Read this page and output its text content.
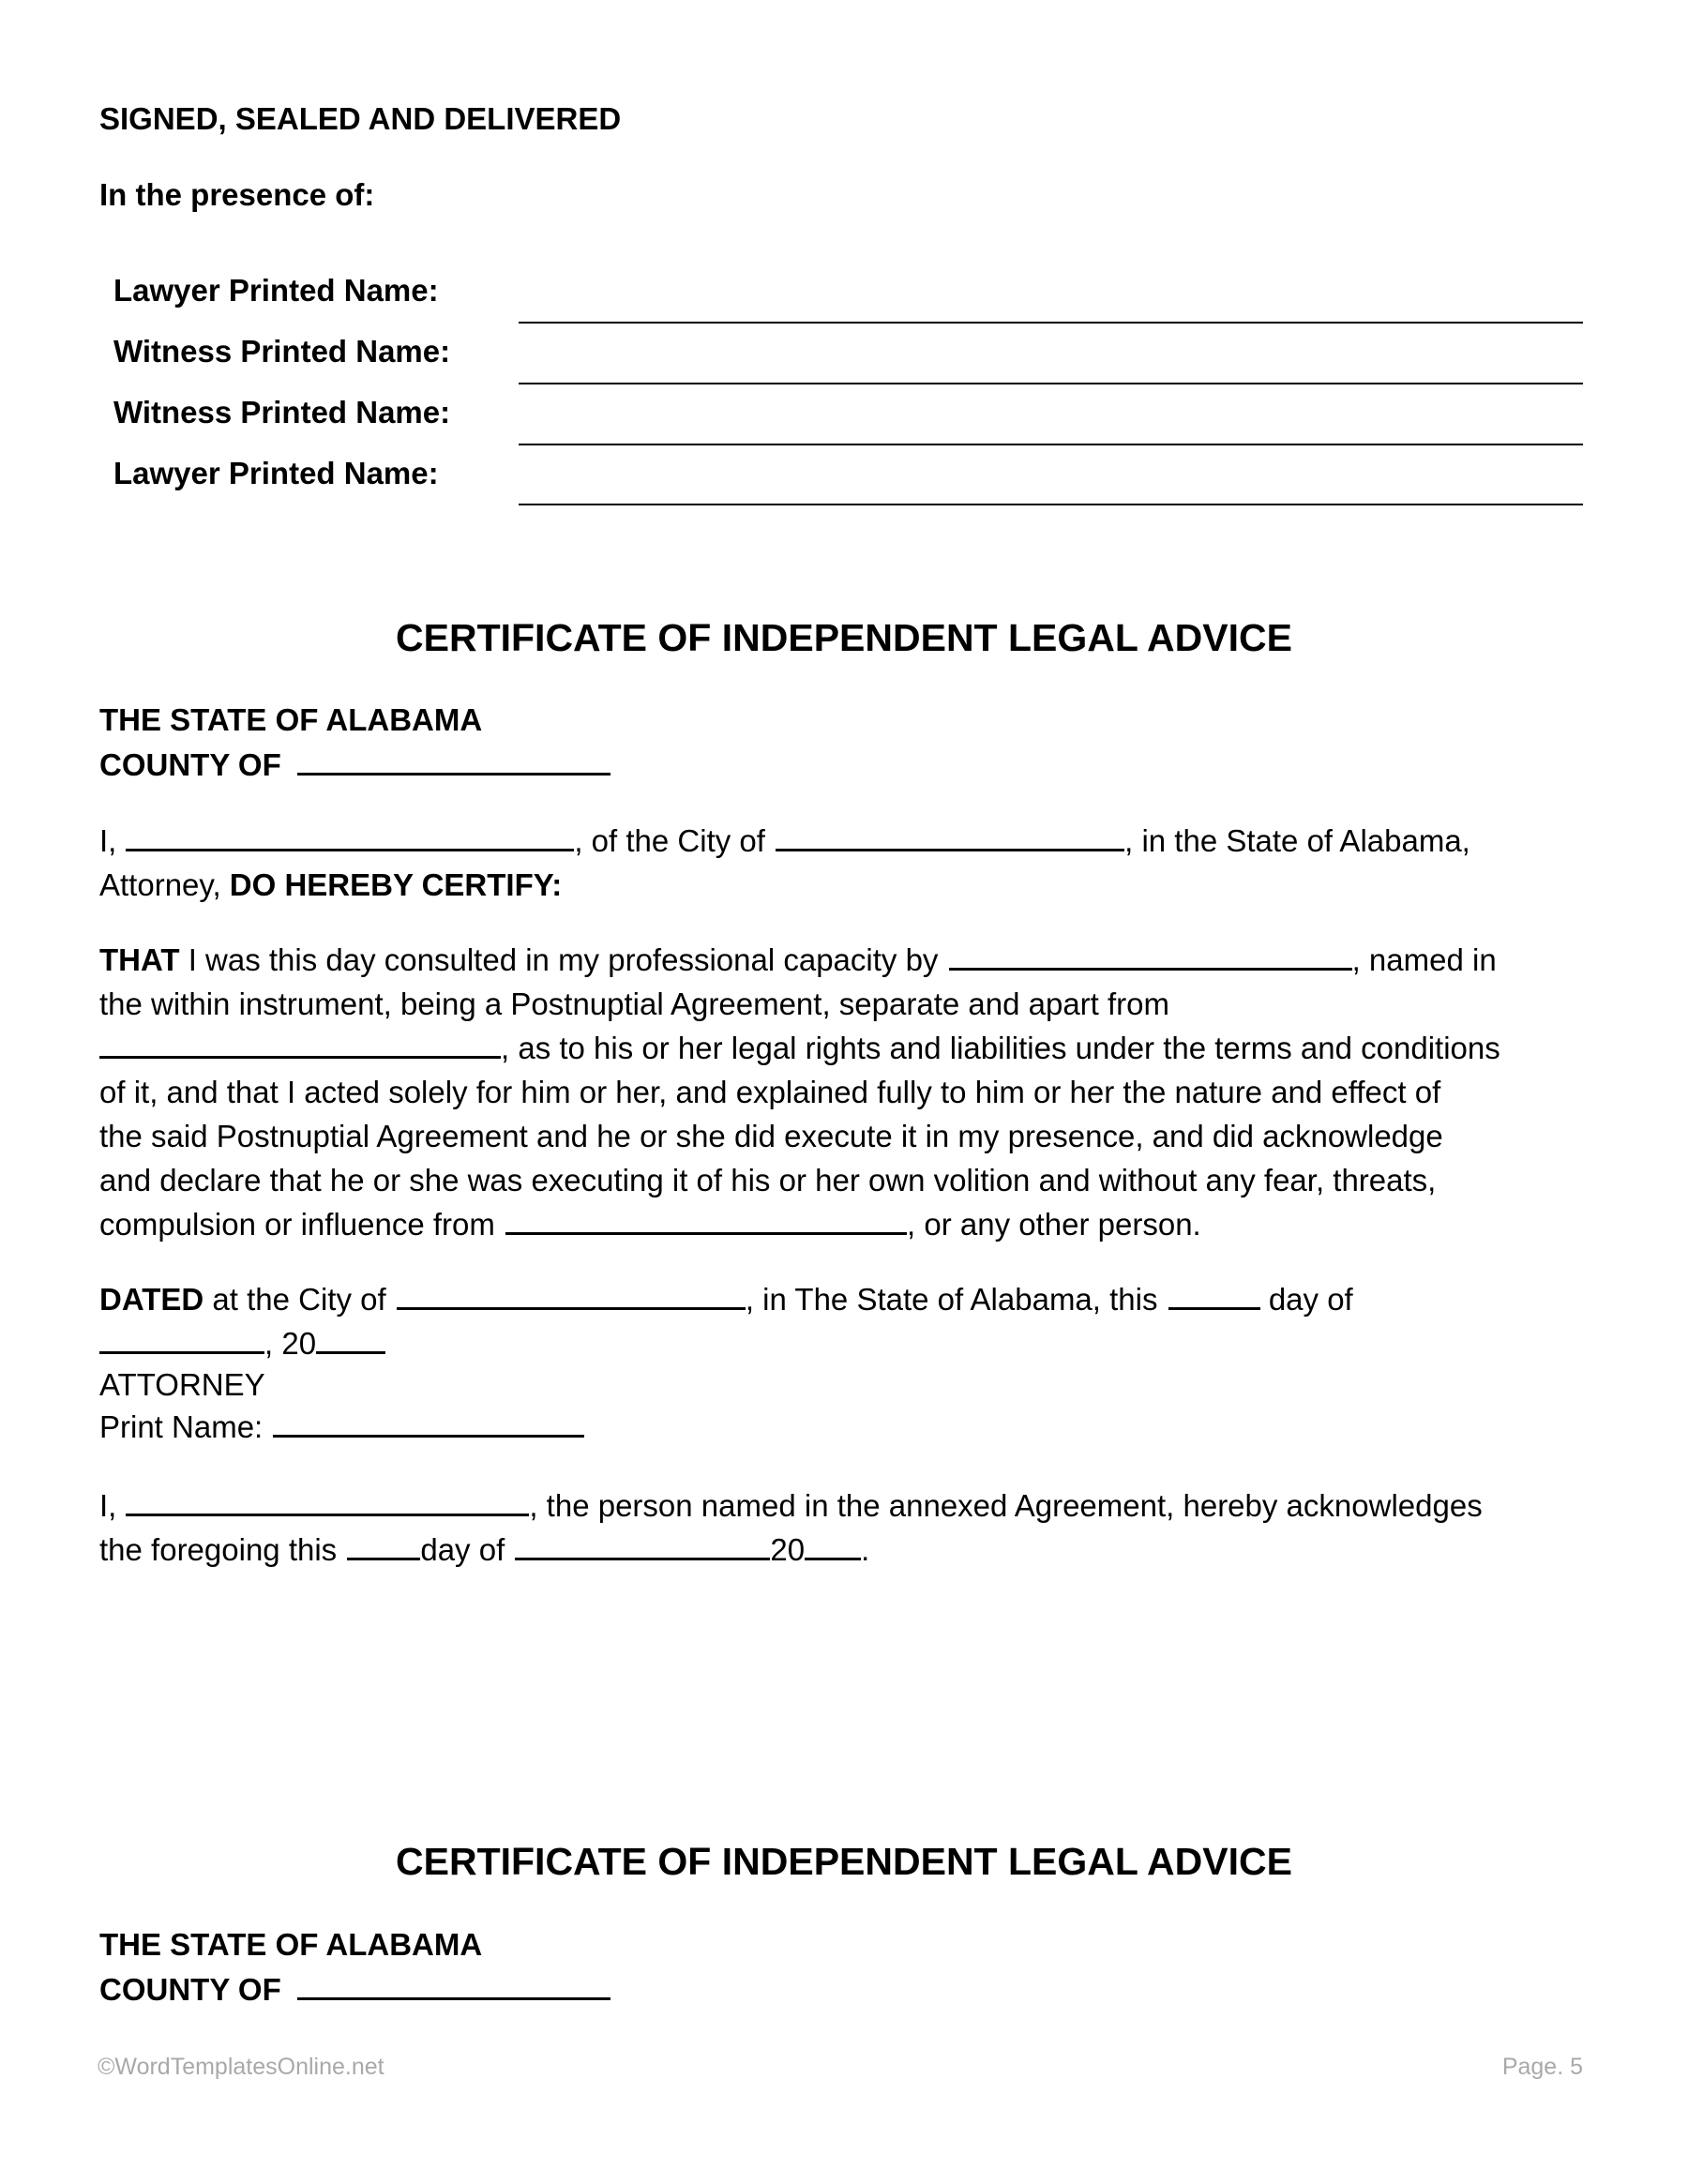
SIGNED, SEALED AND DELIVERED
In the presence of:
Lawyer Printed Name:
Witness Printed Name:
Witness Printed Name:
Lawyer Printed Name:
CERTIFICATE OF INDEPENDENT LEGAL ADVICE
THE STATE OF ALABAMA
COUNTY OF
I,	, of the City of	, in the State of Alabama,
Attorney, DO HEREBY CERTIFY:
THAT I was this day consulted in my professional capacity by	, named in
the within instrument, being a Postnuptial Agreement, separate and apart from
, as to his or her legal rights and liabilities under the terms and conditions
of it, and that I acted solely for him or her, and explained fully to him or her the nature and effect of
the said Postnuptial Agreement and he or she did execute it in my presence, and did acknowledge
and declare that he or she was executing it of his or her own volition and without any fear, threats,
compulsion or influence from	, or any other person.
DATED at the City of	, in The State of Alabama, this	day of
, 20
ATTORNEY
Print Name:
I,	, the person named in the annexed Agreement, hereby acknowledges
the foregoing this	day of	20 .
CERTIFICATE OF INDEPENDENT LEGAL ADVICE
THE STATE OF ALABAMA
COUNTY OF
©WordTemplatesOnline.net	Page. 5
